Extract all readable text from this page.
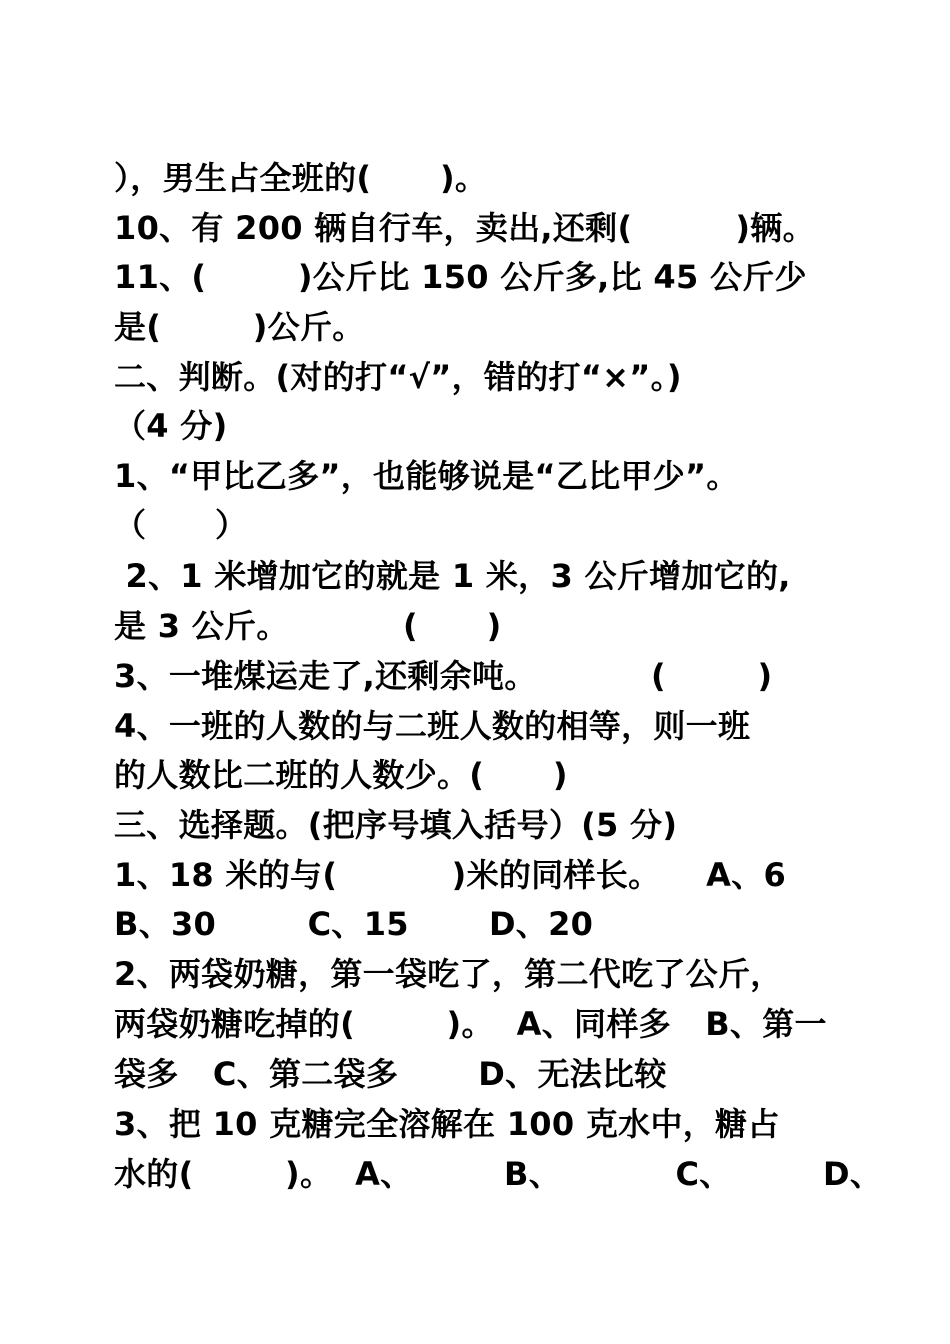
），男生占全班的(      )。

10、有 200 辆自行车，卖出,还剩(         )辆。

11、(        )公斤比 150 公斤多,比 45 公斤少

是(        )公斤。

二、判断。(对的打“√”，错的打“×”。)

（4 分)

1、“甲比乙多”，也能够说是“乙比甲少”。

（      ）

2、1 米增加它的就是 1 米，3 公斤增加它的,

是 3 公斤。          (      )

3、一堆煤运走了,还剩余吨。          (        )

4、一班的人数的与二班人数的相等，则一班

的人数比二班的人数少。(      )

三、选择题。(把序号填入括号）(5 分)

1、18 米的与(          )米的同样长。    A、6

B、30        C、15       D、20

2、两袋奶糖，第一袋吃了，第二代吃了公斤，

两袋奶糖吃掉的(        )。  A、同样多   B、第一

袋多   C、第二袋多       D、无法比较

3、把 10 克糖完全溶解在 100 克水中，糖占

水的(        )。  A、        B、          C、        D、
